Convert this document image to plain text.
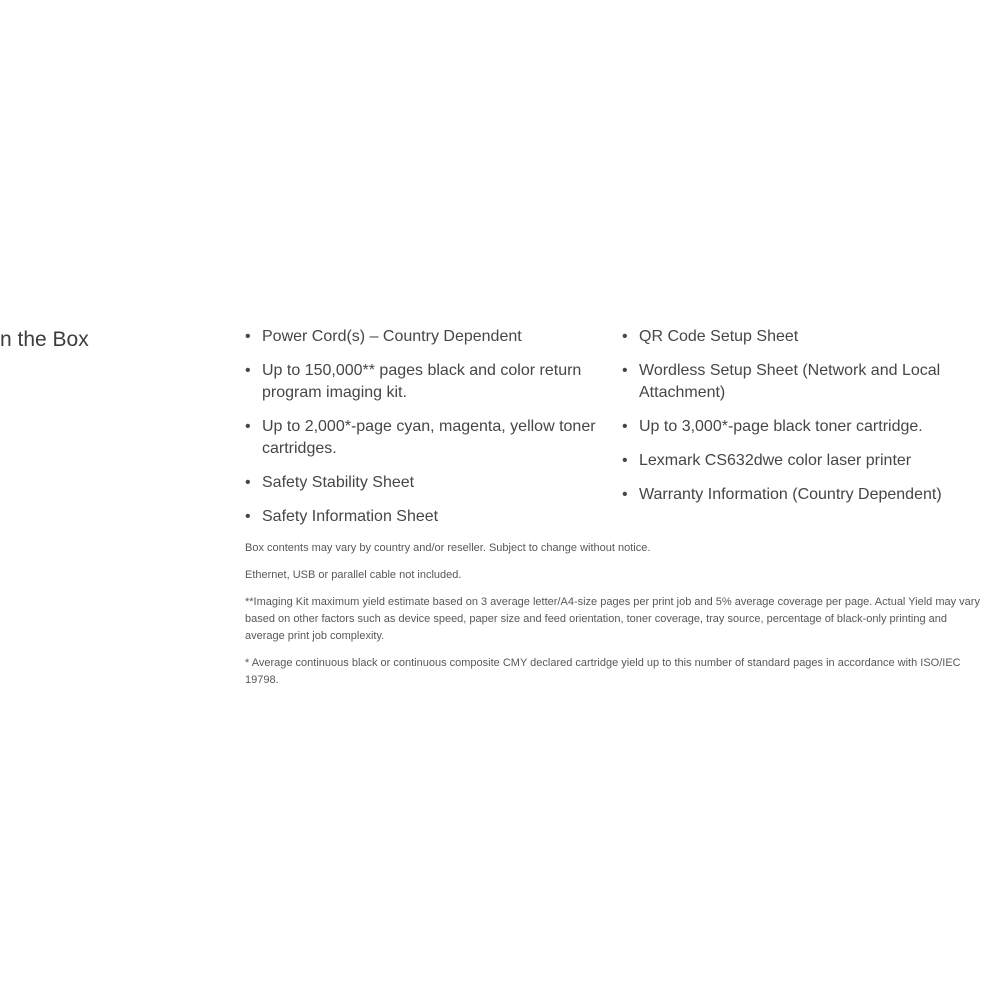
n the Box	• Power Cord(s) – Country Dependent
• Up to 150,000** pages black and color return program imaging kit.
• Up to 2,000*-page cyan, magenta, yellow toner cartridges.
• Safety Stability Sheet
• Safety Information Sheet
• QR Code Setup Sheet
• Wordless Setup Sheet (Network and Local Attachment)
• Up to 3,000*-page black toner cartridge.
• Lexmark CS632dwe color laser printer
• Warranty Information (Country Dependent)

Box contents may vary by country and/or reseller. Subject to change without notice.

Ethernet, USB or parallel cable not included.

**Imaging Kit maximum yield estimate based on 3 average letter/A4-size pages per print job and 5% average coverage per page. Actual Yield may vary based on other factors such as device speed, paper size and feed orientation, toner coverage, tray source, percentage of black-only printing and average print job complexity.

* Average continuous black or continuous composite CMY declared cartridge yield up to this number of standard pages in accordance with ISO/IEC 19798.
